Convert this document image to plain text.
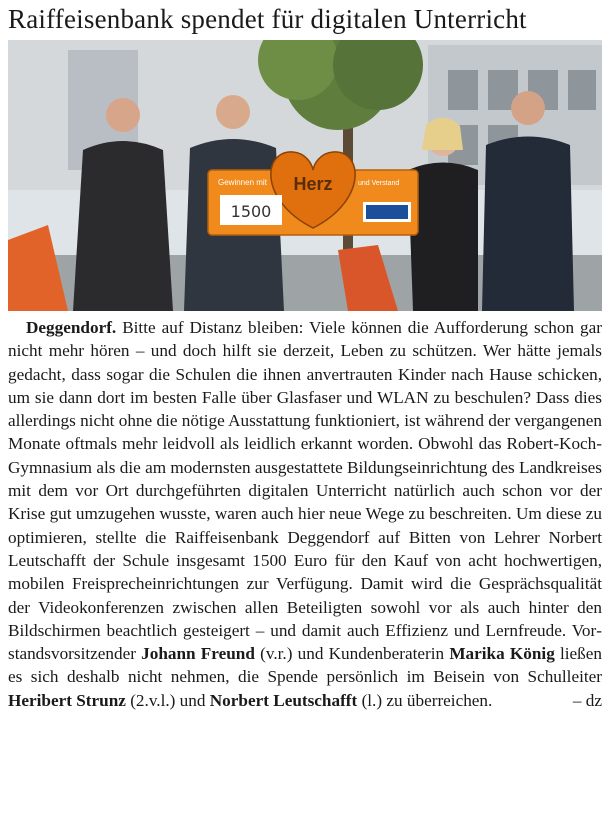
Raiffeisenbank spendet für digitalen Unterricht
Gewinnen mit Herz	und Verstand
1500

Deggendorf. Bitte auf Distanz bleiben: Viele können die Aufforderung schon gar nicht mehr hören – und doch hilft sie derzeit, Leben zu schützen. Wer hätte jemals gedacht, dass sogar die Schulen die ihnen anvertrauten Kinder nach Hause schicken, um sie dann dort im besten Falle über Glasfaser und WLAN zu beschulen? Dass dies allerdings nicht ohne die nötige Ausstattung funktioniert, ist während der vergangenen Monate oftmals mehr leidvoll als leidlich erkannt worden. Obwohl das Robert-Koch-Gymnasium als die am modernsten ausgestattete Bildungseinrichtung des Landkreises mit dem vor Ort durchgeführten digitalen Unterricht natürlich auch schon vor der Krise gut umzugehen wusste, waren auch hier neue Wege zu beschreiten. Um diese zu optimieren, stellte die Raiffeisenbank Deggendorf auf Bitten von Lehrer Norbert Leutschafft der Schule insgesamt 1500 Euro für den Kauf von acht hochwertigen, mobilen Freisprecheinrichtungen zur Verfügung. Damit wird die Gesprächsqualität der Videokonferenzen zwischen allen Beteiligten sowohl vor als auch hinter den Bildschirmen beachtlich gesteigert – und damit auch Effizienz und Lernfreude. Vorstandsvorsitzender Johann Freund (v.r.) und Kundenberaterin Marika König ließen es sich deshalb nicht nehmen, die Spende persönlich im Beisein von Schulleiter Heribert Strunz (2.v.l.) und Norbert Leutschafft (l.) zu überreichen.	– dz
